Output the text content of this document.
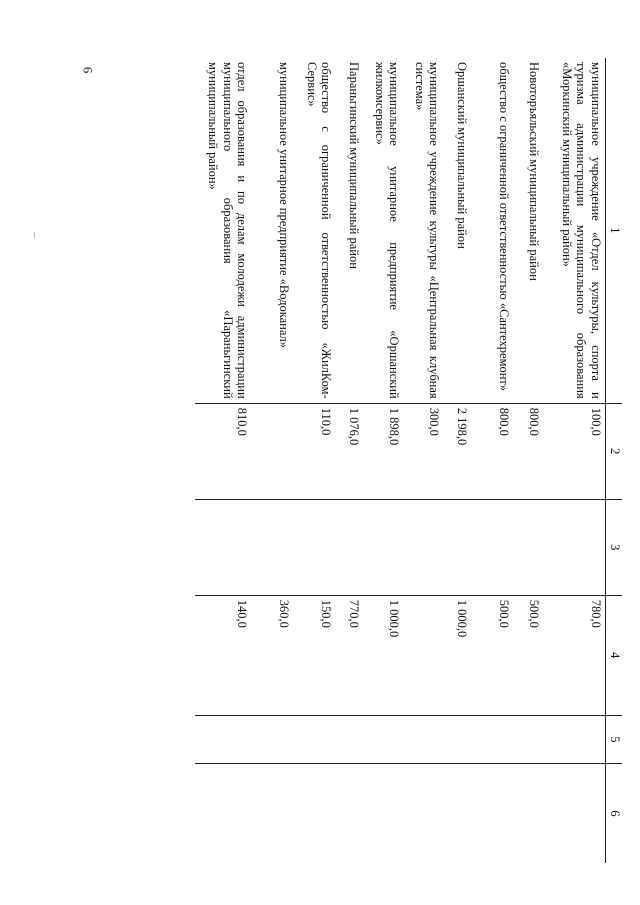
6
1	2	3	4	5	6
муниципальное учреждение «Отдел культуры, спорта и туризма администрации муниципального образования «Моркинский муниципальный район»	100,0		780,0		
Новоторъяльский муниципальный район	800,0		500,0		
общество с ограниченной ответственностью «Сантехремонт»	800,0		500,0		
Оршанский муниципальный район	2 198,0		1 000,0		
муниципальное учреждение культуры «Центральная клубная система»	300,0				
муниципальное унитарное предприятие «Оршанский жилкомсервис»	1 898,0		1 000,0		
Параньгинский муниципальный район	1 076,0		770,0		
общество с ограниченной ответственностью «ЖилКом-Сервис»	110,0		150,0		
муниципальное унитарное предприятие «Водоканал»			360,0		
отдел образования и по делам молодежи администрации муниципального образования «Параньгинский муниципальный район»	810,0		140,0		
